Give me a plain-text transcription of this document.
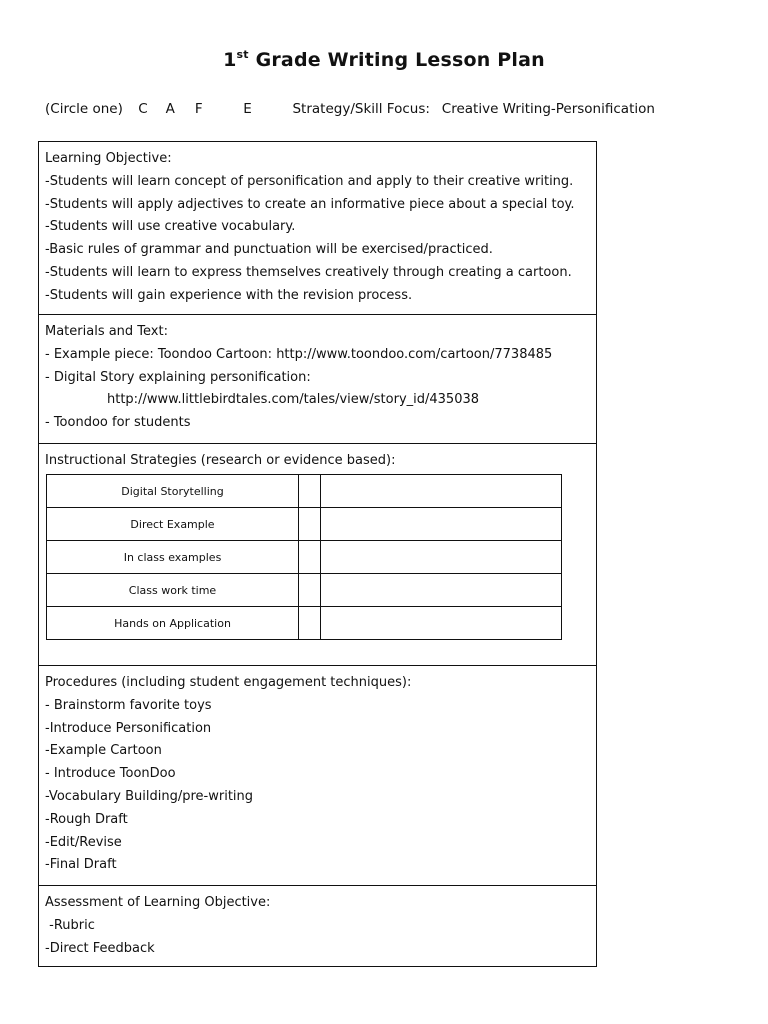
1st Grade Writing Lesson Plan
(Circle one) C A F	E	Strategy/Skill Focus: Creative Writing-Personification
Learning Objective:
-Students will learn concept of personification and apply to their creative writing.
-Students will apply adjectives to create an informative piece about a special toy.
-Students will use creative vocabulary.
-Basic rules of grammar and punctuation will be exercised/practiced.
-Students will learn to express themselves creatively through creating a cartoon.
-Students will gain experience with the revision process.
Materials and Text:
- Example piece: Toondoo Cartoon: http://www.toondoo.com/cartoon/7738485
- Digital Story explaining personification:
http://www.littlebirdtales.com/tales/view/story_id/435038
- Toondoo for students
Instructional Strategies (research or evidence based):
Digital Storytelling		
Direct Example		
In class examples		
Class work time		
Hands on Application		
Procedures (including student engagement techniques):
- Brainstorm favorite toys
-Introduce Personification
-Example Cartoon
- Introduce ToonDoo
-Vocabulary Building/pre-writing
-Rough Draft
-Edit/Revise
-Final Draft
Assessment of Learning Objective:
-Rubric
-Direct Feedback
